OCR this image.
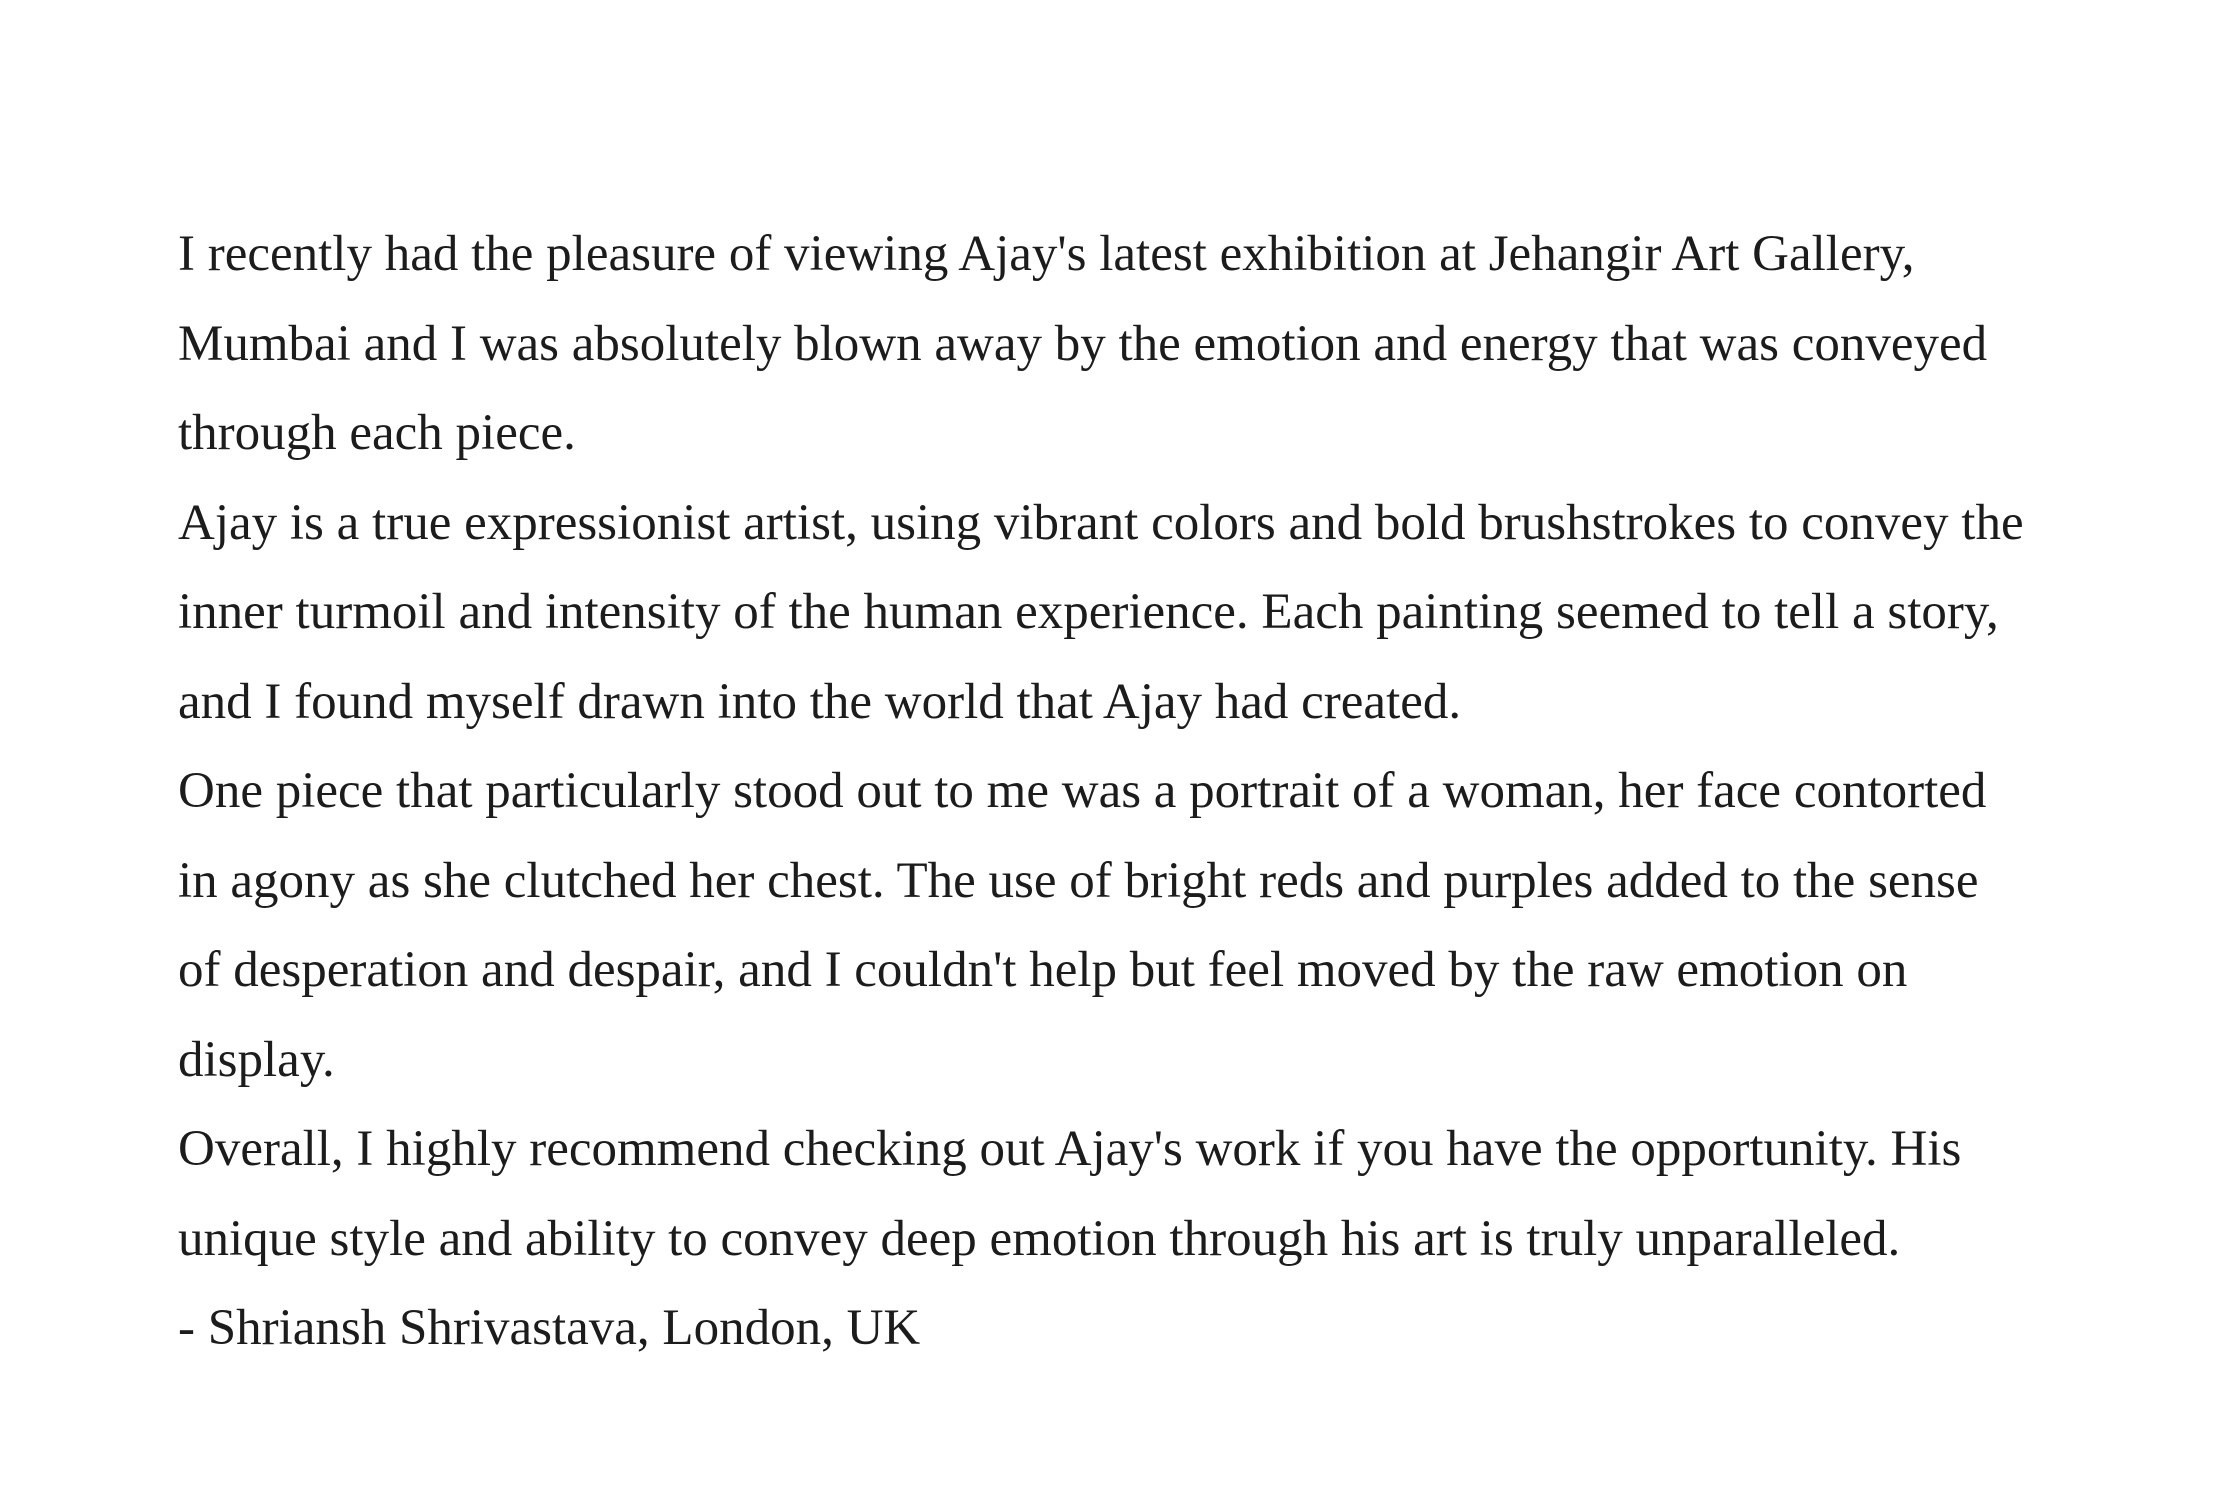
I recently had the pleasure of viewing Ajay's latest exhibition at Jehangir Art Gallery,

Mumbai and I was absolutely blown away by the emotion and energy that was conveyed

through each piece.

Ajay is a true expressionist artist, using vibrant colors and bold brushstrokes to convey the

inner turmoil and intensity of the human experience. Each painting seemed to tell a story,

and I found myself drawn into the world that Ajay had created.

One piece that particularly stood out to me was a portrait of a woman, her face contorted

in agony as she clutched her chest. The use of bright reds and purples added to the sense

of desperation and despair, and I couldn't help but feel moved by the raw emotion on

display.

Overall, I highly recommend checking out Ajay's work if you have the opportunity. His

unique style and ability to convey deep emotion through his art is truly unparalleled.

- Shriansh Shrivastava, London, UK
